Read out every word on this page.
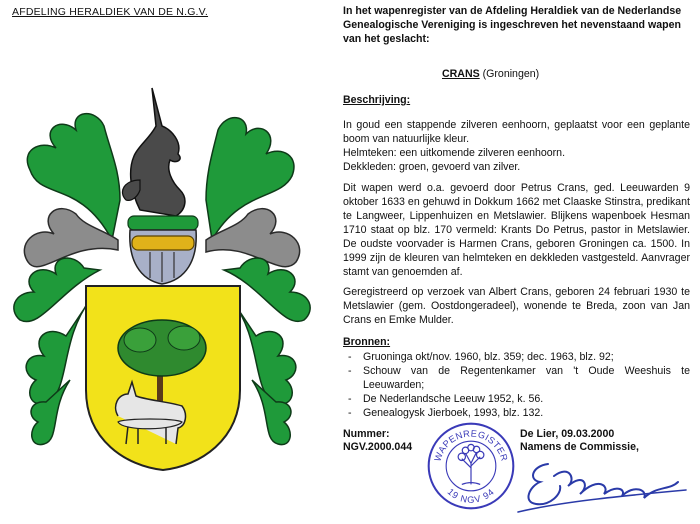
AFDELING HERALDIEK VAN DE N.G.V.	In het wapenregister van de Afdeling Heraldiek van de Nederlandse Genealogische Vereniging is ingeschreven het nevenstaand wapen van het geslacht:
CRANS (Groningen)
Beschrijving:

In goud een stappende zilveren eenhoorn, geplaatst voor een geplante boom van natuurlijke kleur.

Helmteken: een uitkomende zilveren eenhoorn.

Dekkleden: groen, gevoerd van zilver.

Dit wapen werd o.a. gevoerd door Petrus Crans, ged. Leeuwarden 9 oktober 1633 en gehuwd in Dokkum 1662 met Claaske Stinstra, predikant te Langweer, Lippenhuizen en Metslawier. Blijkens wapenboek Hesman 1710 staat op blz. 170 vermeld: Krants Do Petrus, pastor in Metslawier. De oudste voorvader is Harmen Crans, geboren Groningen ca. 1500. In 1999 zijn de kleuren van helmteken en dekkleden vastgesteld. Aanvrager stamt van genoemden af.

Geregistreerd op verzoek van Albert Crans, geboren 24 februari 1930 te Metslawier (gem. Oostdongeradeel), wonende te Breda, zoon van Jan Crans en Emke Mulder.

Bronnen:
- Gruoninga okt/nov. 1960, blz. 359; dec. 1963, blz. 92;
- Schouw van de Regentenkamer van 't Oude Weeshuis te Leeuwarden;
- De Nederlandsche Leeuw 1952, k. 56.
- Genealogysk Jierboek, 1993, blz. 132.
Nummer:
NGV.2000.044
De Lier, 09.03.2000
Namens de Commissie,
WAPENREGISTER
19 NGV 94
